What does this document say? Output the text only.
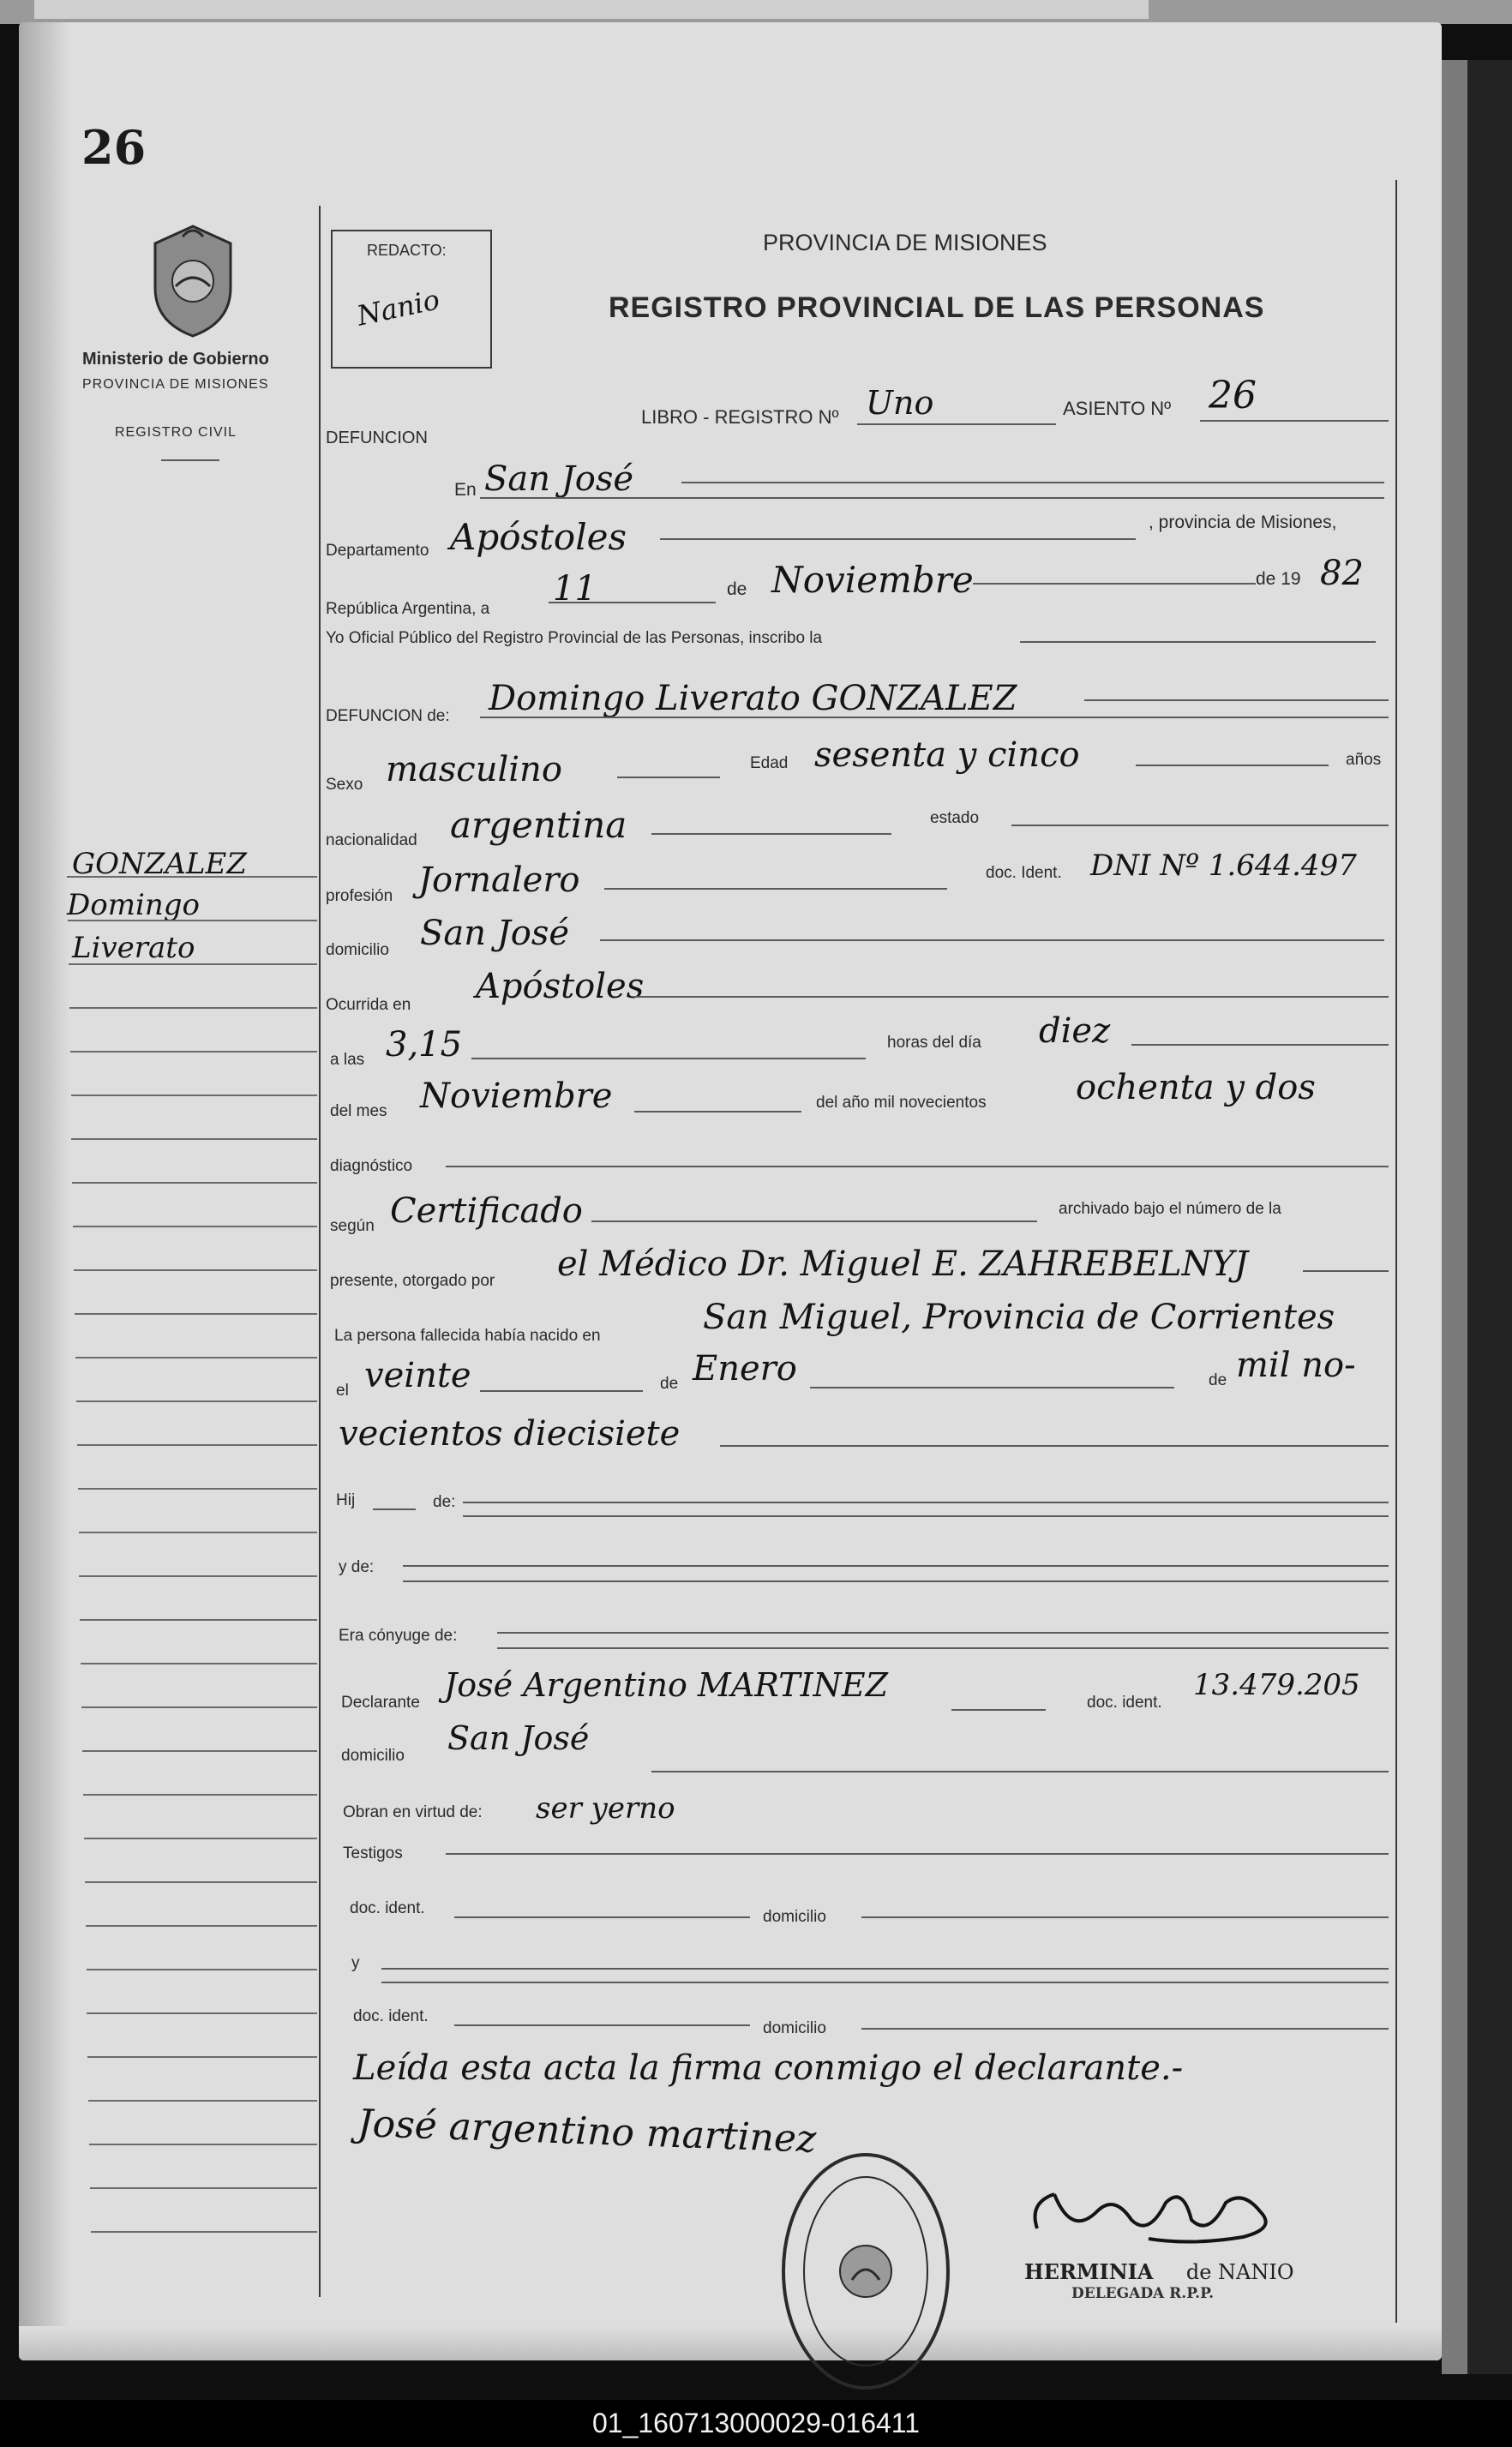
26
Ministerio de Gobierno
PROVINCIA DE MISIONES
REGISTRO CIVIL
REDACTO:
Nanio
PROVINCIA DE MISIONES
REGISTRO PROVINCIAL DE LAS PERSONAS
DEFUNCION
LIBRO - REGISTRO Nº Uno	ASIENTO Nº 26
En San José
Departamento Apóstoles	, provincia de Misiones,
República Argentina, a
11	de Noviembre	de 19 82
Yo Oficial Público del Registro Provincial de las Personas, inscribo la
DEFUNCION de: Domingo Liverato GONZALEZ
Sexo masculino	Edad sesenta y cinco	años
nacionalidad argentina	estado
profesión Jornalero	doc. Ident. DNI Nº 1.644.497
domicilio San José
Ocurrida en Apóstoles
a las 3,15	horas del día diez
del mes Noviembre	del año mil novecientos	ochenta y dos
diagnóstico
según Certificado	archivado bajo el número de la
presente, otorgado por el Médico Dr. Miguel E. ZAHREBELNYJ
La persona fallecida había nacido en	San Miguel, Provincia de Corrientes
el veinte	de Enero	de mil no-
vecientos diecisiete
Hij	de:
y de:
Era cónyuge de:
Declarante José Argentino MARTINEZ	doc. ident.
13.479.205
domicilio San José
Obran en virtud de: ser yerno
Testigos
doc. ident.	domicilio
y
doc. ident.
domicilio
Leída esta acta la firma conmigo el declarante.-
José argentino martinez
HERMINIA de NANIO
DELEGADA R.P.P.
GONZALEZ
Domingo
Liverato
01_160713000029-016411
